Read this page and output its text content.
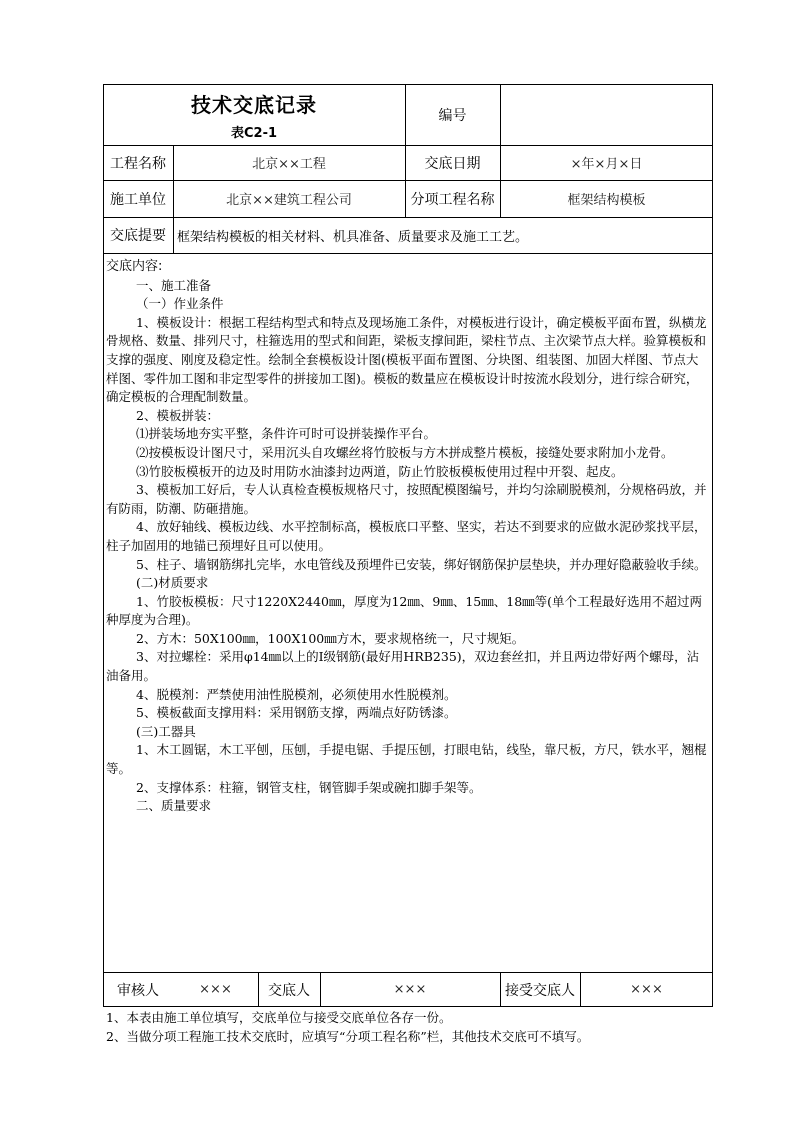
技术交底记录
表C2-1
编号
工程名称	北京××工程	交底日期	×年×月×日
施工单位	北京××建筑工程公司	分项工程名称	框架结构模板
交底提要 框架结构模板的相关材料、机具准备、质量要求及施工工艺。

交底内容:

一、施工准备

（一）作业条件

1、模板设计：根据工程结构型式和特点及现场施工条件，对模板进行设计，确定模板平面布置，纵横龙骨规格、数量、排列尺寸，柱箍选用的型式和间距，梁板支撑间距，梁柱节点、主次梁节点大样。验算模板和支撑的强度、刚度及稳定性。绘制全套模板设计图(模板平面布置图、分块图、组装图、加固大样图、节点大样图、零件加工图和非定型零件的拼接加工图)。模板的数量应在模板设计时按流水段划分，进行综合研究，确定模板的合理配制数量。

2、模板拼装：

⑴拼装场地夯实平整，条件许可时可设拼装操作平台。

⑵按模板设计图尺寸，采用沉头自攻螺丝将竹胶板与方木拼成整片模板，接缝处要求附加小龙骨。

⑶竹胶板模板开的边及时用防水油漆封边两道，防止竹胶板模板使用过程中开裂、起皮。

3、模板加工好后，专人认真检查模板规格尺寸，按照配模图编号，并均匀涂刷脱模剂，分规格码放，并有防雨，防潮、防砸措施。

4、放好轴线、模板边线、水平控制标高，模板底口平整、坚实，若达不到要求的应做水泥砂浆找平层，柱子加固用的地锚已预埋好且可以使用。

5、柱子、墙钢筋绑扎完毕，水电管线及预埋件已安装，绑好钢筋保护层垫块，并办理好隐蔽验收手续。

(二)材质要求

1、竹胶板模板：尺寸1220X2440㎜，厚度为12㎜、9㎜、15㎜、18㎜等(单个工程最好选用不超过两种厚度为合理)。

2、方木：50X100㎜，100X100㎜方木，要求规格统一，尺寸规矩。

3、对拉螺栓：采用φ14㎜以上的Ⅰ级钢筋(最好用HRB235)，双边套丝扣，并且两边带好两个螺母，沾油备用。

4、脱模剂：严禁使用油性脱模剂，必须使用水性脱模剂。

5、模板截面支撑用料：采用钢筋支撑，两端点好防锈漆。

(三)工器具

1、木工圆锯，木工平刨，压刨，手提电锯、手提压刨，打眼电钻，线坠，靠尺板，方尺，铁水平，翘棍等。

2、支撑体系：柱箍，钢管支柱，钢管脚手架或碗扣脚手架等。

二、质量要求

审核人	×××	交底人	×××	接受交底人	×××

1、本表由施工单位填写，交底单位与接受交底单位各存一份。

2、当做分项工程施工技术交底时，应填写“分项工程名称”栏，其他技术交底可不填写。
